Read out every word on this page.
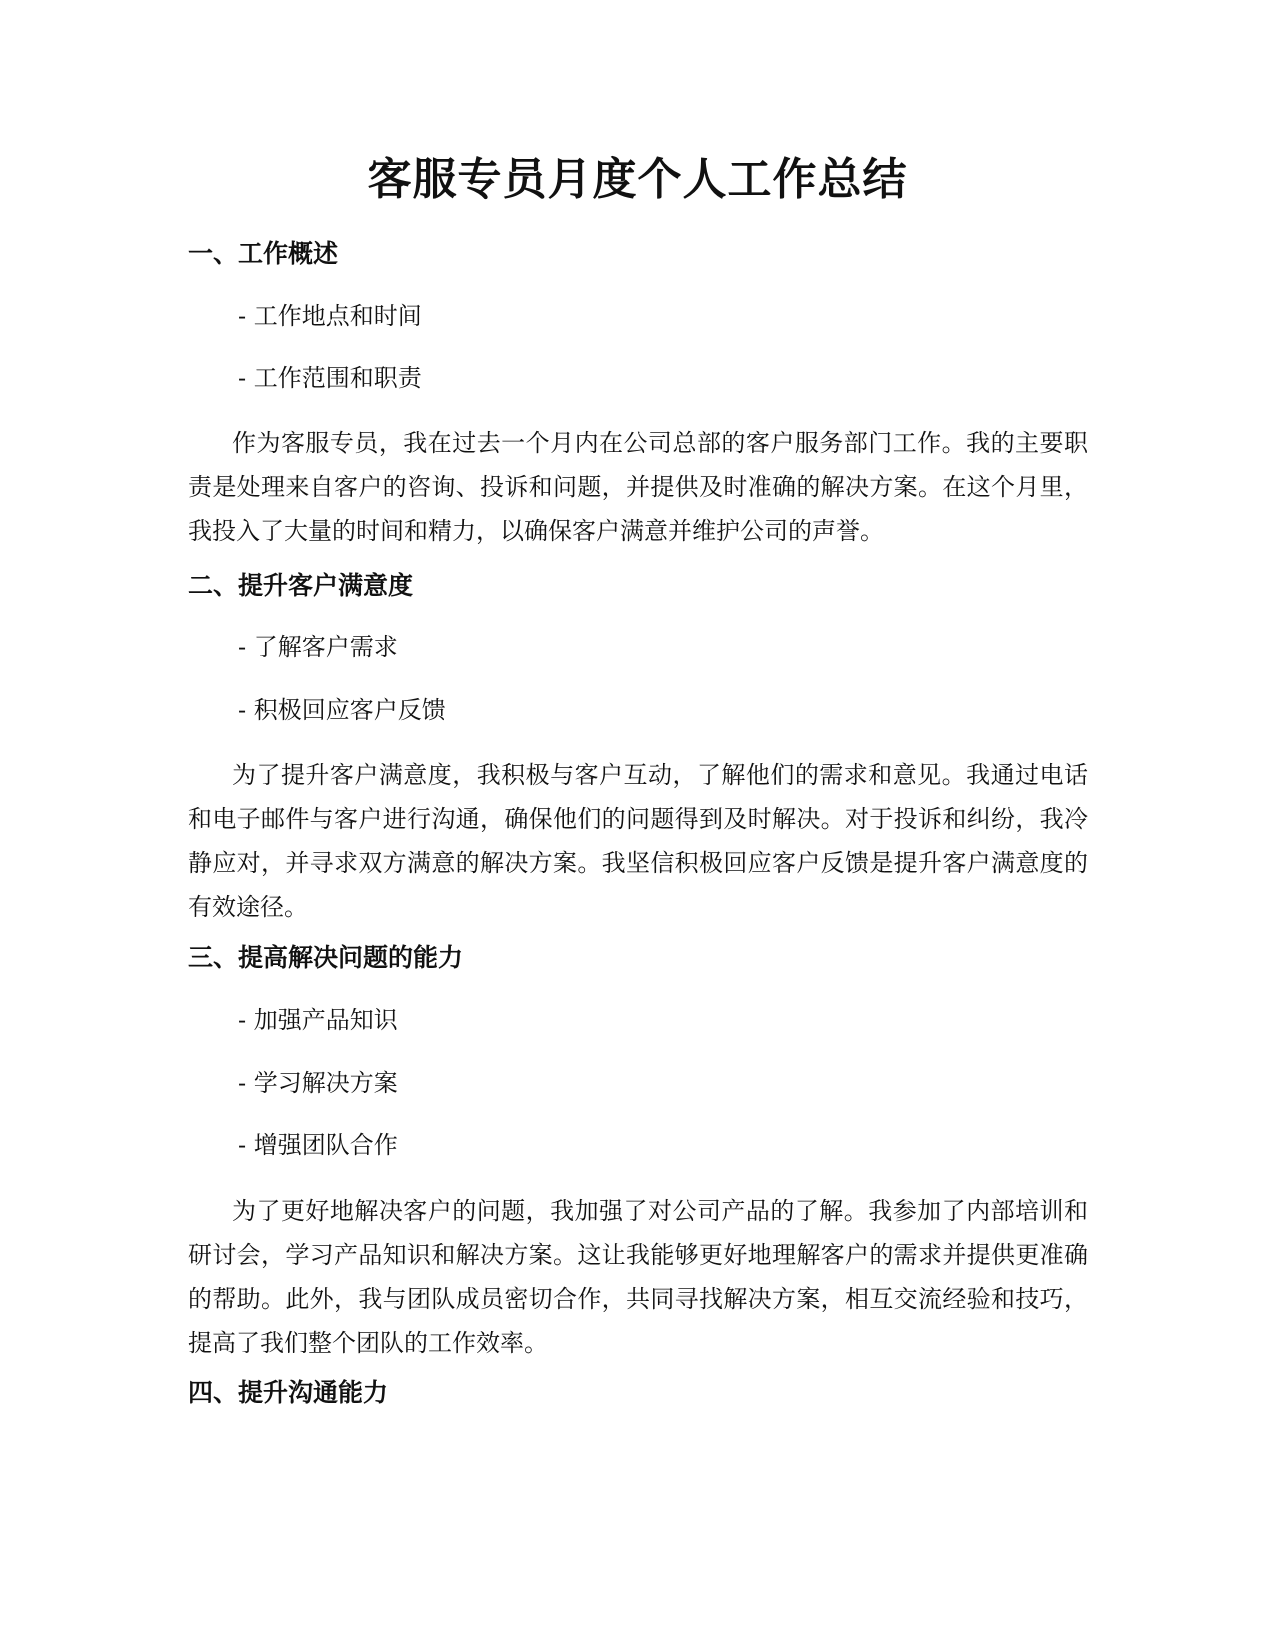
客服专员月度个人工作总结
一、工作概述

- 工作地点和时间

- 工作范围和职责

作为客服专员，我在过去一个月内在公司总部的客户服务部门工作。我的主要职责是处理来自客户的咨询、投诉和问题，并提供及时准确的解决方案。在这个月里，我投入了大量的时间和精力，以确保客户满意并维护公司的声誉。

二、提升客户满意度

- 了解客户需求

- 积极回应客户反馈

为了提升客户满意度，我积极与客户互动，了解他们的需求和意见。我通过电话和电子邮件与客户进行沟通，确保他们的问题得到及时解决。对于投诉和纠纷，我冷静应对，并寻求双方满意的解决方案。我坚信积极回应客户反馈是提升客户满意度的有效途径。

三、提高解决问题的能力

- 加强产品知识

- 学习解决方案

- 增强团队合作

为了更好地解决客户的问题，我加强了对公司产品的了解。我参加了内部培训和研讨会，学习产品知识和解决方案。这让我能够更好地理解客户的需求并提供更准确的帮助。此外，我与团队成员密切合作，共同寻找解决方案，相互交流经验和技巧，提高了我们整个团队的工作效率。

四、提升沟通能力
